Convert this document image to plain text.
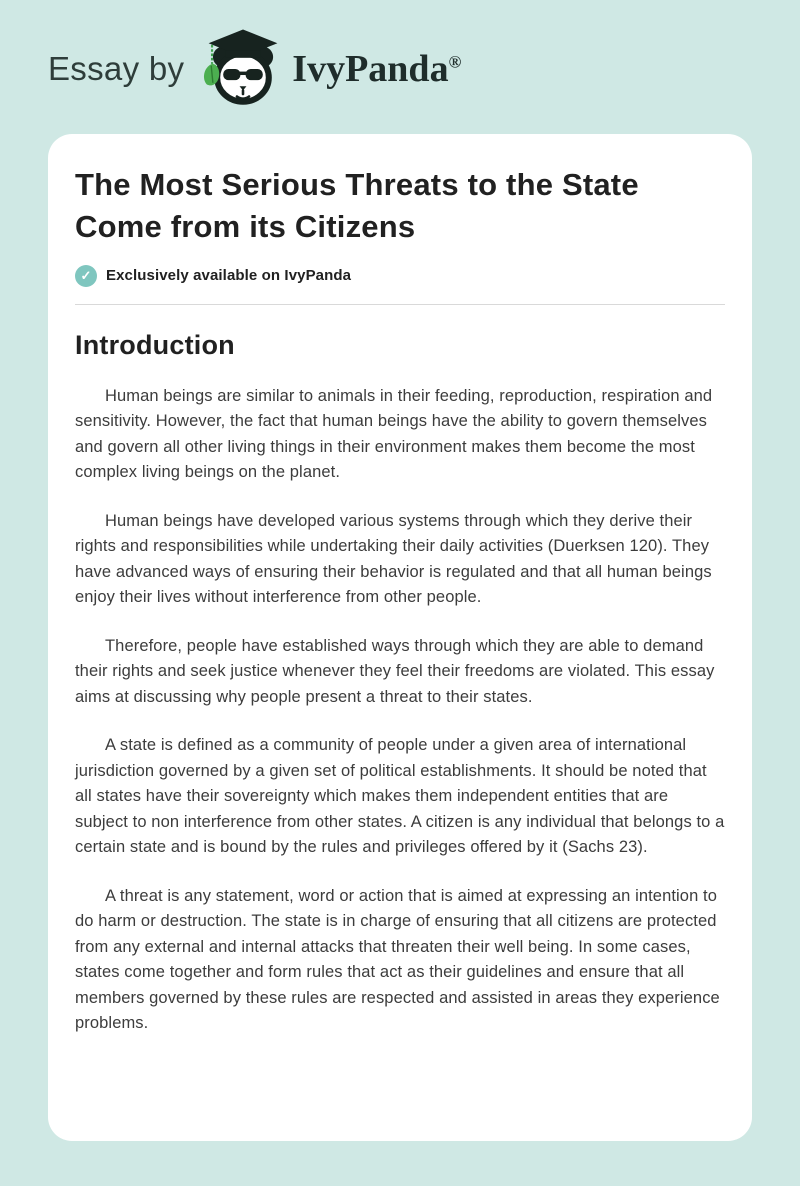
Essay by	IvyPanda®
The Most Serious Threats to the State Come from its Citizens
✓ Exclusively available on IvyPanda
Introduction

Human beings are similar to animals in their feeding, reproduction, respiration and sensitivity. However, the fact that human beings have the ability to govern themselves and govern all other living things in their environment makes them become the most complex living beings on the planet.

Human beings have developed various systems through which they derive their rights and responsibilities while undertaking their daily activities (Duerksen 120). They have advanced ways of ensuring their behavior is regulated and that all human beings enjoy their lives without interference from other people.

Therefore, people have established ways through which they are able to demand their rights and seek justice whenever they feel their freedoms are violated. This essay aims at discussing why people present a threat to their states.

A state is defined as a community of people under a given area of international jurisdiction governed by a given set of political establishments. It should be noted that all states have their sovereignty which makes them independent entities that are subject to non interference from other states. A citizen is any individual that belongs to a certain state and is bound by the rules and privileges offered by it (Sachs 23).

A threat is any statement, word or action that is aimed at expressing an intention to do harm or destruction. The state is in charge of ensuring that all citizens are protected from any external and internal attacks that threaten their well being. In some cases, states come together and form rules that act as their guidelines and ensure that all members governed by these rules are respected and assisted in areas they experience problems.
